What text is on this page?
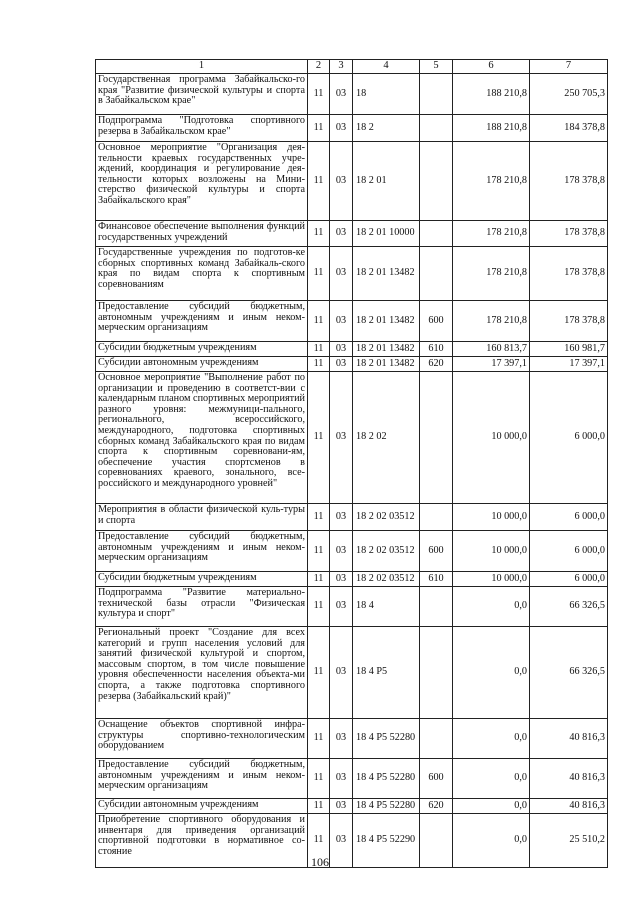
1	2	3	4	5	6	7
Государственная программа Забайкальско-го края "Развитие физической культуры и спорта в Забайкальском крае"	11	03	18		188 210,8	250 705,3
Подпрограмма "Подготовка спортивного резерва в Забайкальском крае"	11	03	18 2		188 210,8	184 378,8
Основное мероприятие "Организация дея-тельности краевых государственных учре-ждений, координация и регулирование дея-тельности которых возложены на Мини-стерство физической культуры и спорта Забайкальского края"	11	03	18 2 01		178 210,8	178 378,8
Финансовое обеспечение выполнения функций государственных учреждений	11	03	18 2 01 10000		178 210,8	178 378,8
Государственные учреждения по подготов-ке сборных спортивных команд Забайкаль-ского края по видам спорта к спортивным соревнованиям	11	03	18 2 01 13482		178 210,8	178 378,8
Предоставление субсидий бюджетным, автономным учреждениям и иным неком-мерческим организациям	11	03	18 2 01 13482	600	178 210,8	178 378,8
Субсидии бюджетным учреждениям	11	03	18 2 01 13482	610	160 813,7	160 981,7
Субсидии автономным учреждениям	11	03	18 2 01 13482	620	17 397,1	17 397,1
Основное мероприятие "Выполнение работ по организации и проведению в соответст-вии с календарным планом спортивных мероприятий разного уровня: межмуници-пального, регионального, всероссийского, международного, подготовка спортивных сборных команд Забайкальского края по видам спорта к спортивным соревновани-ям, обеспечение участия спортсменов в соревнованиях краевого, зонального, все-российского и международного уровней"	11	03	18 2 02		10 000,0	6 000,0
Мероприятия в области физической куль-туры и спорта	11	03	18 2 02 03512		10 000,0	6 000,0
Предоставление субсидий бюджетным, автономным учреждениям и иным неком-мерческим организациям	11	03	18 2 02 03512	600	10 000,0	6 000,0
Субсидии бюджетным учреждениям	11	03	18 2 02 03512	610	10 000,0	6 000,0
Подпрограмма "Развитие материально-технической базы отрасли "Физическая культура и спорт"	11	03	18 4		0,0	66 326,5
Региональный проект "Создание для всех категорий и групп населения условий для занятий физической культурой и спортом, массовым спортом, в том числе повышение уровня обеспеченности населения объекта-ми спорта, а также подготовка спортивного резерва (Забайкальский край)"	11	03	18 4 P5		0,0	66 326,5
Оснащение объектов спортивной инфра-структуры спортивно-технологическим оборудованием	11	03	18 4 P5 52280		0,0	40 816,3
Предоставление субсидий бюджетным, автономным учреждениям и иным неком-мерческим организациям	11	03	18 4 P5 52280	600	0,0	40 816,3
Субсидии автономным учреждениям	11	03	18 4 P5 52280	620	0,0	40 816,3
Приобретение спортивного оборудования и инвентаря для приведения организаций спортивной подготовки в нормативное со-стояние	11	03	18 4 P5 52290		0,0	25 510,2
106
